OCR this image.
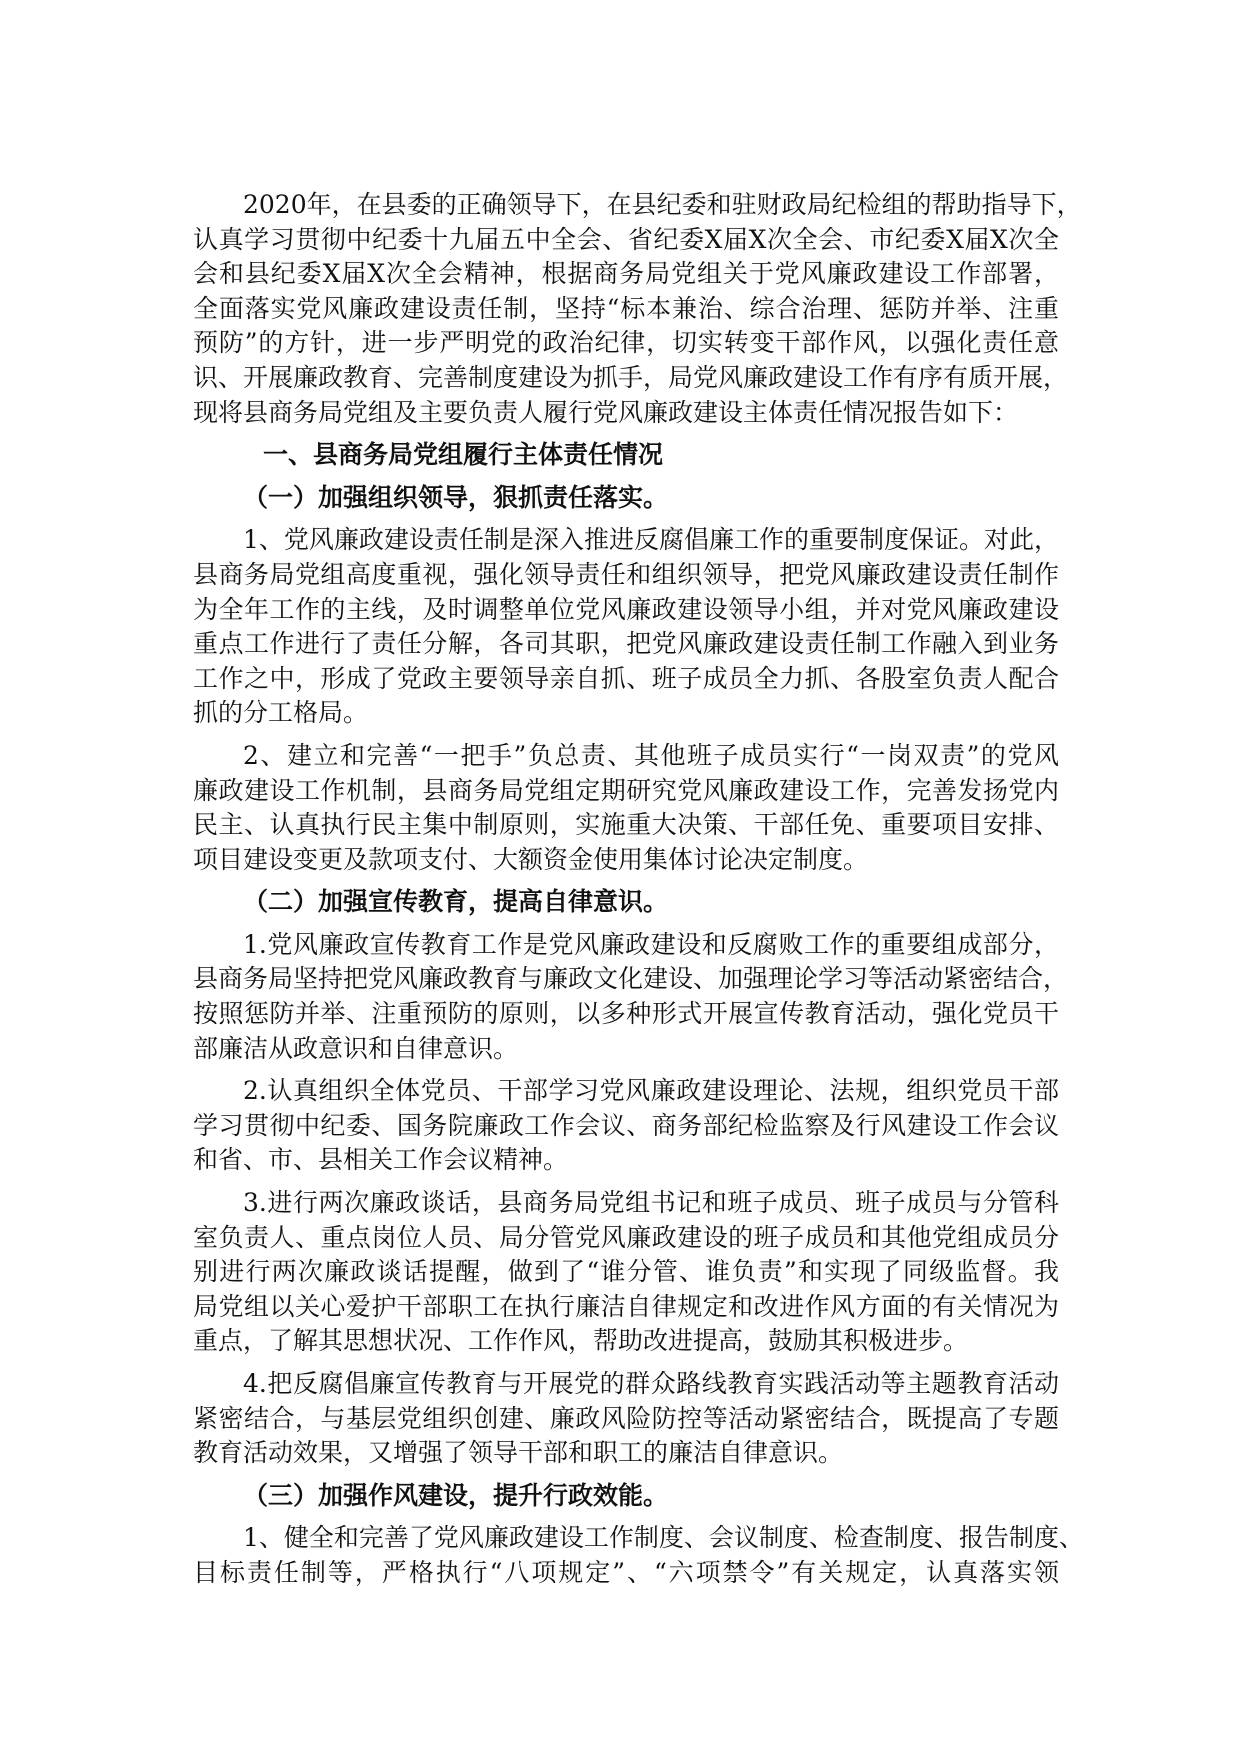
2020年，在县委的正确领导下，在县纪委和驻财政局纪检组的帮助指导下，
认真学习贯彻中纪委十九届五中全会、省纪委X届X次全会、市纪委X届X次全
会和县纪委X届X次全会精神，根据商务局党组关于党风廉政建设工作部署，
全面落实党风廉政建设责任制，坚持“标本兼治、综合治理、惩防并举、注重
预防”的方针，进一步严明党的政治纪律，切实转变干部作风，以强化责任意
识、开展廉政教育、完善制度建设为抓手，局党风廉政建设工作有序有质开展，
现将县商务局党组及主要负责人履行党风廉政建设主体责任情况报告如下：
一、县商务局党组履行主体责任情况
（一）加强组织领导，狠抓责任落实。
1、党风廉政建设责任制是深入推进反腐倡廉工作的重要制度保证。对此，
县商务局党组高度重视，强化领导责任和组织领导，把党风廉政建设责任制作
为全年工作的主线，及时调整单位党风廉政建设领导小组，并对党风廉政建设
重点工作进行了责任分解，各司其职，把党风廉政建设责任制工作融入到业务
工作之中，形成了党政主要领导亲自抓、班子成员全力抓、各股室负责人配合
抓的分工格局。
2、建立和完善“一把手”负总责、其他班子成员实行“一岗双责”的党风
廉政建设工作机制，县商务局党组定期研究党风廉政建设工作，完善发扬党内
民主、认真执行民主集中制原则，实施重大决策、干部任免、重要项目安排、
项目建设变更及款项支付、大额资金使用集体讨论决定制度。
（二）加强宣传教育，提高自律意识。
1.党风廉政宣传教育工作是党风廉政建设和反腐败工作的重要组成部分，
县商务局坚持把党风廉政教育与廉政文化建设、加强理论学习等活动紧密结合，
按照惩防并举、注重预防的原则，以多种形式开展宣传教育活动，强化党员干
部廉洁从政意识和自律意识。
2.认真组织全体党员、干部学习党风廉政建设理论、法规，组织党员干部
学习贯彻中纪委、国务院廉政工作会议、商务部纪检监察及行风建设工作会议
和省、市、县相关工作会议精神。
3.进行两次廉政谈话，县商务局党组书记和班子成员、班子成员与分管科
室负责人、重点岗位人员、局分管党风廉政建设的班子成员和其他党组成员分
别进行两次廉政谈话提醒，做到了“谁分管、谁负责”和实现了同级监督。我
局党组以关心爱护干部职工在执行廉洁自律规定和改进作风方面的有关情况为
重点，了解其思想状况、工作作风，帮助改进提高，鼓励其积极进步。
4.把反腐倡廉宣传教育与开展党的群众路线教育实践活动等主题教育活动
紧密结合，与基层党组织创建、廉政风险防控等活动紧密结合，既提高了专题
教育活动效果，又增强了领导干部和职工的廉洁自律意识。
（三）加强作风建设，提升行政效能。
1、健全和完善了党风廉政建设工作制度、会议制度、检查制度、报告制度、
目标责任制等，严格执行“八项规定”、“六项禁令”有关规定，认真落实领
